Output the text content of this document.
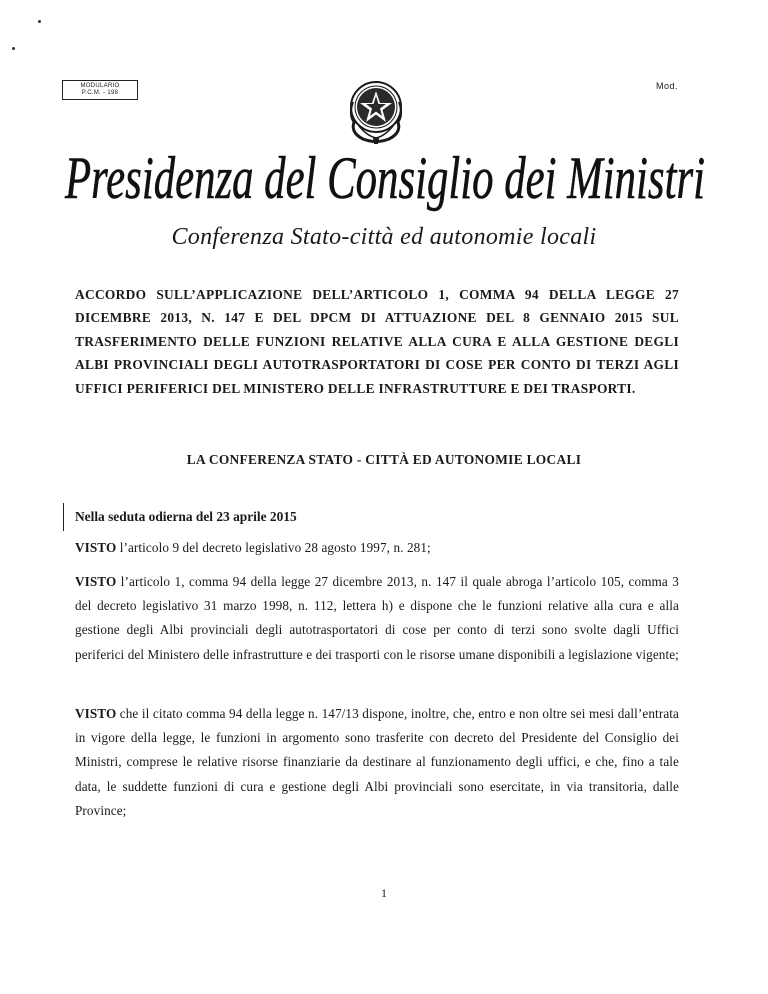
MODULARIO
P.C.M. - 198
Mod.
Presidenza del Consiglio dei Ministri
Conferenza Stato-città ed autonomie locali
ACCORDO SULL’APPLICAZIONE DELL’ARTICOLO 1, COMMA 94 DELLA LEGGE 27 DICEMBRE 2013, N. 147 E DEL DPCM DI ATTUAZIONE DEL 8 GENNAIO 2015 SUL TRASFERIMENTO DELLE FUNZIONI RELATIVE ALLA CURA E ALLA GESTIONE DEGLI ALBI PROVINCIALI DEGLI AUTOTRASPORTATORI DI COSE PER CONTO DI TERZI AGLI UFFICI PERIFERICI DEL MINISTERO DELLE INFRASTRUTTURE E DEI TRASPORTI.
LA CONFERENZA STATO - CITTÀ ED AUTONOMIE LOCALI
Nella seduta odierna del 23 aprile 2015
VISTO l’articolo 9 del decreto legislativo 28 agosto 1997, n. 281;
VISTO l’articolo 1, comma 94 della legge 27 dicembre 2013, n. 147 il quale abroga l’articolo 105, comma 3 del decreto legislativo 31 marzo 1998, n. 112, lettera h) e dispone che le funzioni relative alla cura e alla gestione degli Albi provinciali degli autotrasportatori di cose per conto di terzi sono svolte dagli Uffici periferici del Ministero delle infrastrutture e dei trasporti con le risorse umane disponibili a legislazione vigente;
VISTO che il citato comma 94 della legge n. 147/13 dispone, inoltre, che, entro e non oltre sei mesi dall’entrata in vigore della legge, le funzioni in argomento sono trasferite con decreto del Presidente del Consiglio dei Ministri, comprese le relative risorse finanziarie da destinare al funzionamento degli uffici, e che, fino a tale data, le suddette funzioni di cura e gestione degli Albi provinciali sono esercitate, in via transitoria, dalle Province;
1
